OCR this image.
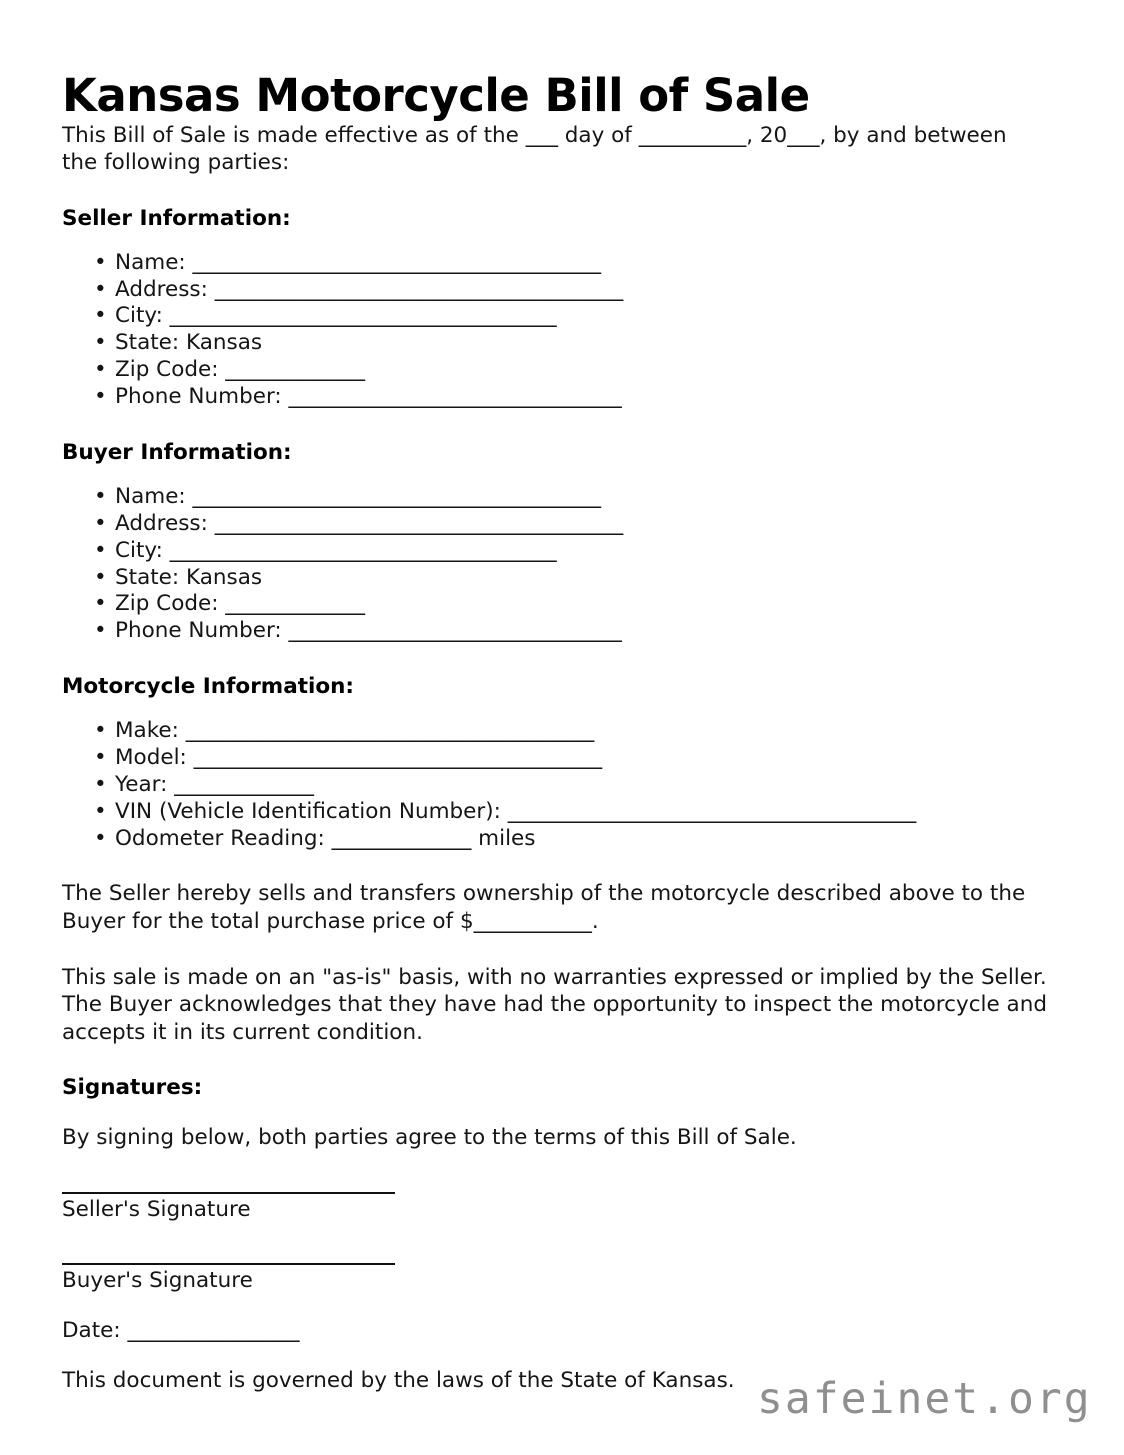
Kansas Motorcycle Bill of Sale

This Bill of Sale is made effective as of the ___ day of __________, 20___, by and between the following parties:

Seller Information:
• Name: ______________________________________
• Address: ______________________________________
• City: ____________________________________
• State: Kansas
• Zip Code: _____________
• Phone Number: _______________________________
Buyer Information:
• Name: ______________________________________
• Address: ______________________________________
• City: ____________________________________
• State: Kansas
• Zip Code: _____________
• Phone Number: _______________________________
Motorcycle Information:
• Make: ______________________________________
• Model: ______________________________________
• Year: _____________
• VIN (Vehicle Identification Number): ______________________________________
• Odometer Reading: _____________ miles

The Seller hereby sells and transfers ownership of the motorcycle described above to the Buyer for the total purchase price of $___________.

This sale is made on an "as-is" basis, with no warranties expressed or implied by the Seller. The Buyer acknowledges that they have had the opportunity to inspect the motorcycle and accepts it in its current condition.

Signatures:

By signing below, both parties agree to the terms of this Bill of Sale.

Seller's Signature

Buyer's Signature

Date: ________________

This document is governed by the laws of the State of Kansas. safeinet.org
